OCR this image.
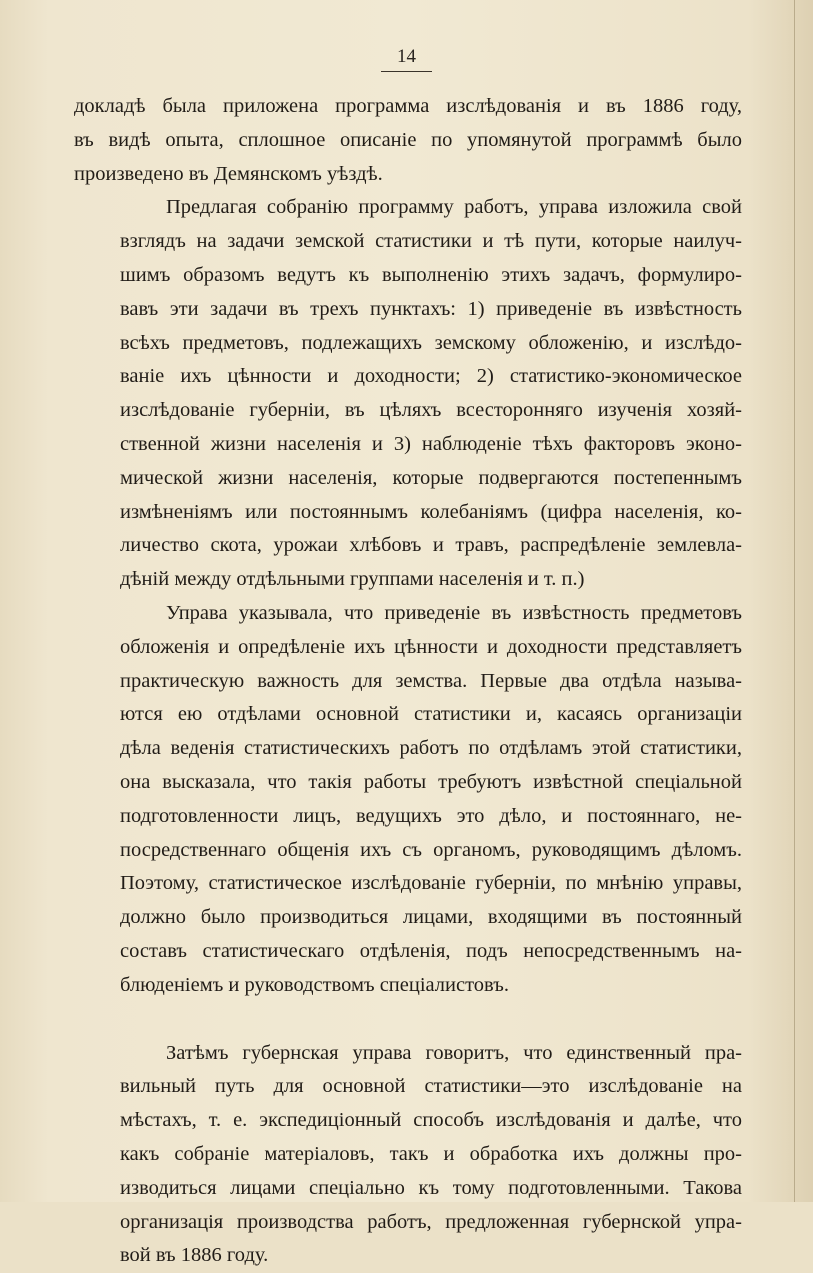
14

докладѣ была приложена программа изслѣдованія и въ 1886 году,
въ видѣ опыта, сплошное описаніе по упомянутой программѣ было
произведено въ Демянскомъ уѣздѣ.

Предлагая собранію программу работъ, управа изложила свой
взглядъ на задачи земской статистики и тѣ пути, которые наилуч-
шимъ образомъ ведутъ къ выполненію этихъ задачъ, формулиро-
вавъ эти задачи въ трехъ пунктахъ: 1) приведеніе въ извѣстность
всѣхъ предметовъ, подлежащихъ земскому обложенію, и изслѣдо-
ваніе ихъ цѣнности и доходности; 2) статистико-экономическое
изслѣдованіе губерніи, въ цѣляхъ всесторонняго изученія хозяй-
ственной жизни населенія и 3) наблюденіе тѣхъ факторовъ эконо-
мической жизни населенія, которые подвергаются постепеннымъ
измѣненіямъ или постояннымъ колебаніямъ (цифра населенія, ко-
личество скота, урожаи хлѣбовъ и травъ, распредѣленіе землевла-
дѣній между отдѣльными группами населенія и т. п.)

Управа указывала, что приведеніе въ извѣстность предметовъ
обложенія и опредѣленіе ихъ цѣнности и доходности представляетъ
практическую важность для земства. Первые два отдѣла называ-
ются ею отдѣлами основной статистики и, касаясь организаціи
дѣла веденія статистическихъ работъ по отдѣламъ этой статистики,
она высказала, что такія работы требуютъ извѣстной спеціальной
подготовленности лицъ, ведущихъ это дѣло, и постояннаго, не-
посредственнаго общенія ихъ съ органомъ, руководящимъ дѣломъ.
Поэтому, статистическое изслѣдованіе губерніи, по мнѣнію управы,
должно было производиться лицами, входящими въ постоянный
составъ статистическаго отдѣленія, подъ непосредственнымъ на-
блюденіемъ и руководствомъ спеціалистовъ.

Затѣмъ губернская управа говоритъ, что единственный пра-
вильный путь для основной статистики—это изслѣдованіе на
мѣстахъ, т. е. экспедиціонный способъ изслѣдованія и далѣе, что
какъ собраніе матеріаловъ, такъ и обработка ихъ должны про-
изводиться лицами спеціально къ тому подготовленными. Такова
организація производства работъ, предложенная губернской упра-
вой въ 1886 году.
